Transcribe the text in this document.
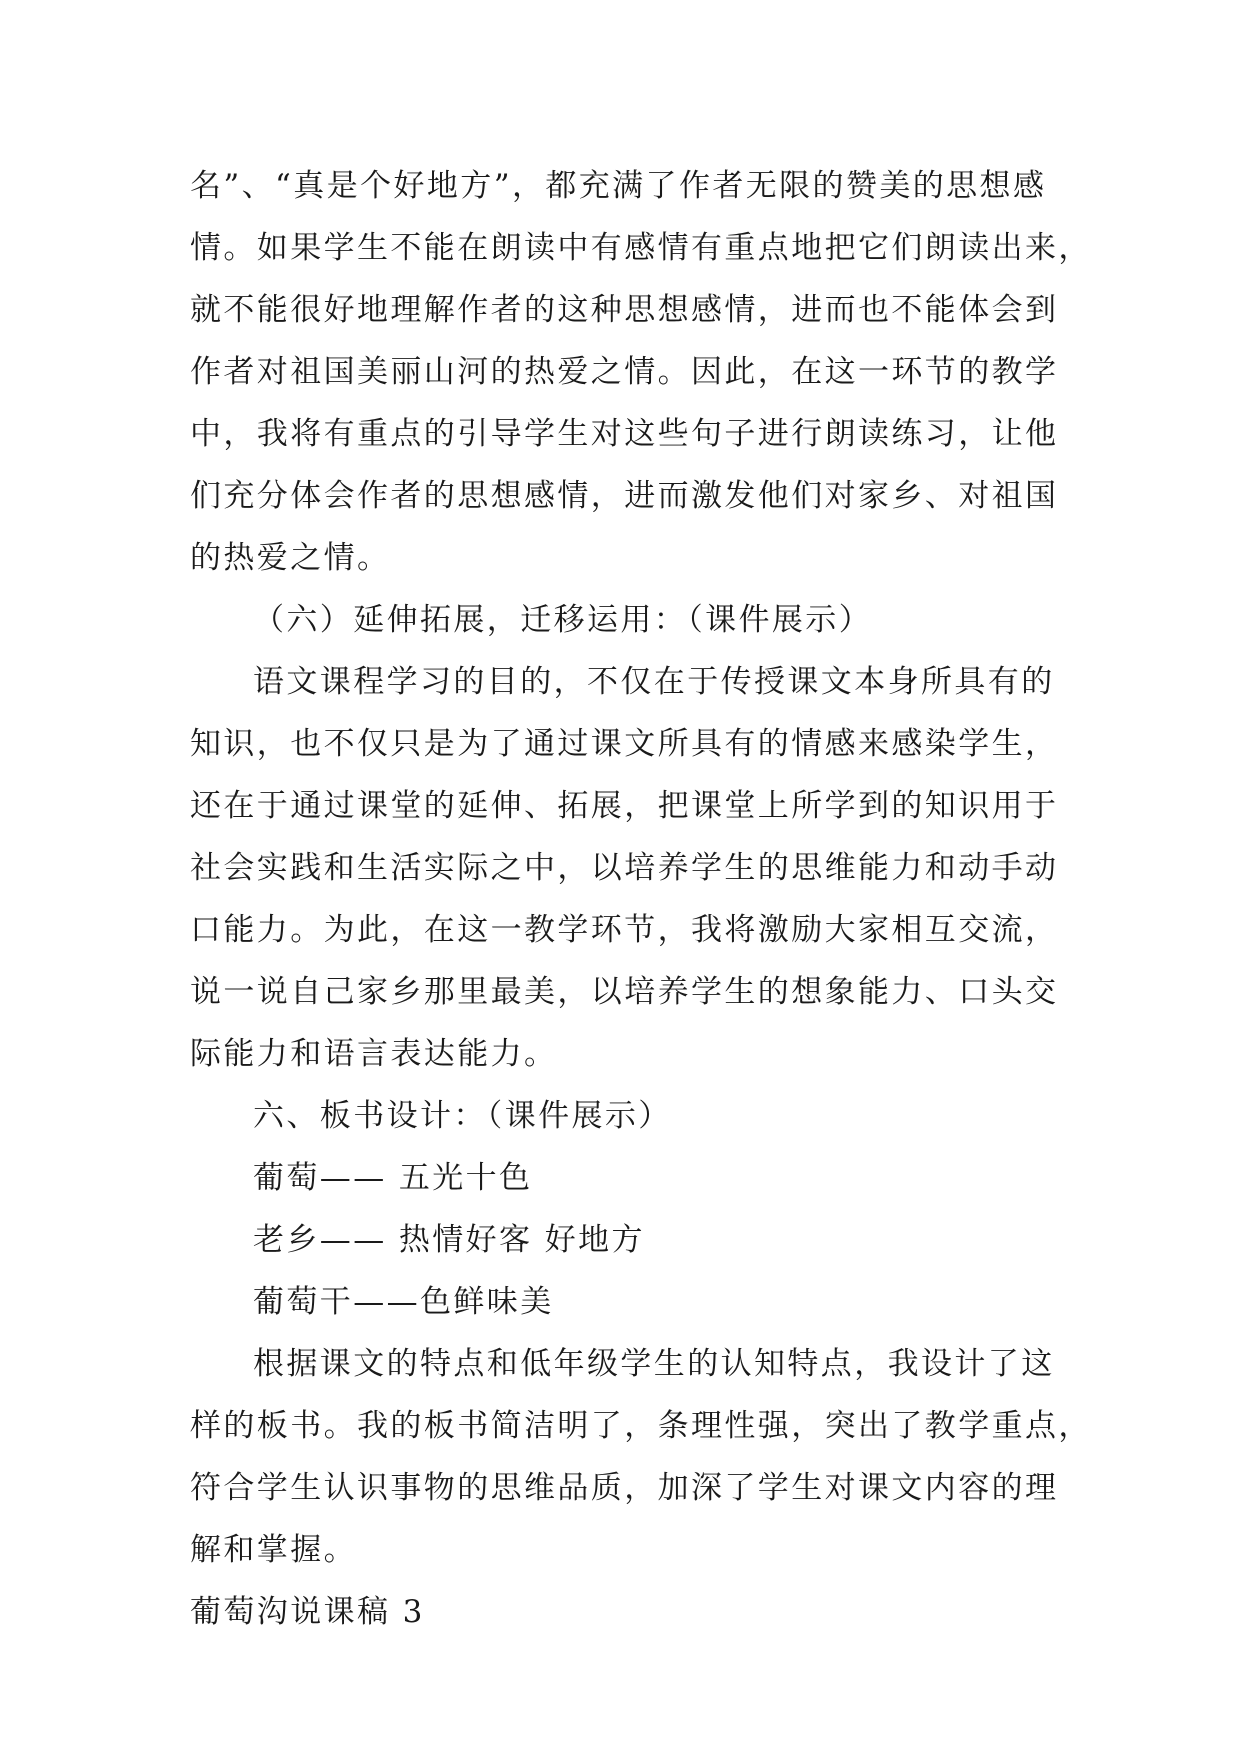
名”、“真是个好地方”，都充满了作者无限的赞美的思想感
情。如果学生不能在朗读中有感情有重点地把它们朗读出来，
就不能很好地理解作者的这种思想感情，进而也不能体会到
作者对祖国美丽山河的热爱之情。因此，在这一环节的教学
中，我将有重点的引导学生对这些句子进行朗读练习，让他
们充分体会作者的思想感情，进而激发他们对家乡、对祖国
的热爱之情。
（六）延伸拓展，迁移运用：（课件展示）
语文课程学习的目的，不仅在于传授课文本身所具有的
知识，也不仅只是为了通过课文所具有的情感来感染学生，
还在于通过课堂的延伸、拓展，把课堂上所学到的知识用于
社会实践和生活实际之中，以培养学生的思维能力和动手动
口能力。为此，在这一教学环节，我将激励大家相互交流，
说一说自己家乡那里最美，以培养学生的想象能力、口头交
际能力和语言表达能力。
六、板书设计：（课件展示）
葡萄—— 五光十色
老乡—— 热情好客 好地方
葡萄干——色鲜味美
根据课文的特点和低年级学生的认知特点，我设计了这
样的板书。我的板书简洁明了，条理性强，突出了教学重点，
符合学生认识事物的思维品质，加深了学生对课文内容的理
解和掌握。
葡萄沟说课稿 3
